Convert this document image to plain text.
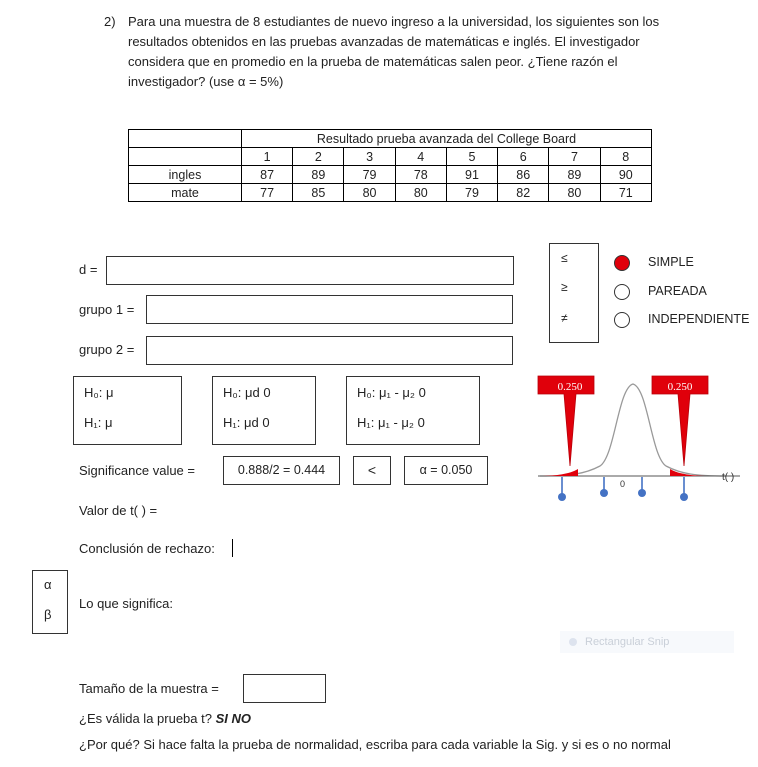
2) Para una muestra de 8 estudiantes de nuevo ingreso a la universidad, los siguientes son los resultados obtenidos en las pruebas avanzadas de matemáticas e inglés. El investigador considera que en promedio en la prueba de matemáticas salen peor. ¿Tiene razón el investigador? (use α = 5%)
	Resultado prueba avanzada del College Board							
	1	2	3	4	5	6	7	8
ingles	87	89	79	78	91	86	89	90
mate	77	85	80	80	79	82	80	71
d =
grupo 1 =
grupo 2 =
≤
≥
≠
SIMPLE
PAREADA
INDEPENDIENTE
H₀: μ
H₁: μ
H₀: μd 0
H₁: μd 0
H₀: μ₁ - μ₂ 0
H₁: μ₁ - μ₂ 0
Significance value =	0.888/2 = 0.444	<	α = 0.050
0.250	0.250
0
t( )
Valor de t( ) =
Conclusión de rechazo:
α
β
Lo que significa:
Rectangular Snip
Tamaño de la muestra =
¿Es válida la prueba t? SI NO
¿Por qué? Si hace falta la prueba de normalidad, escriba para cada variable la Sig. y si es o no normal
